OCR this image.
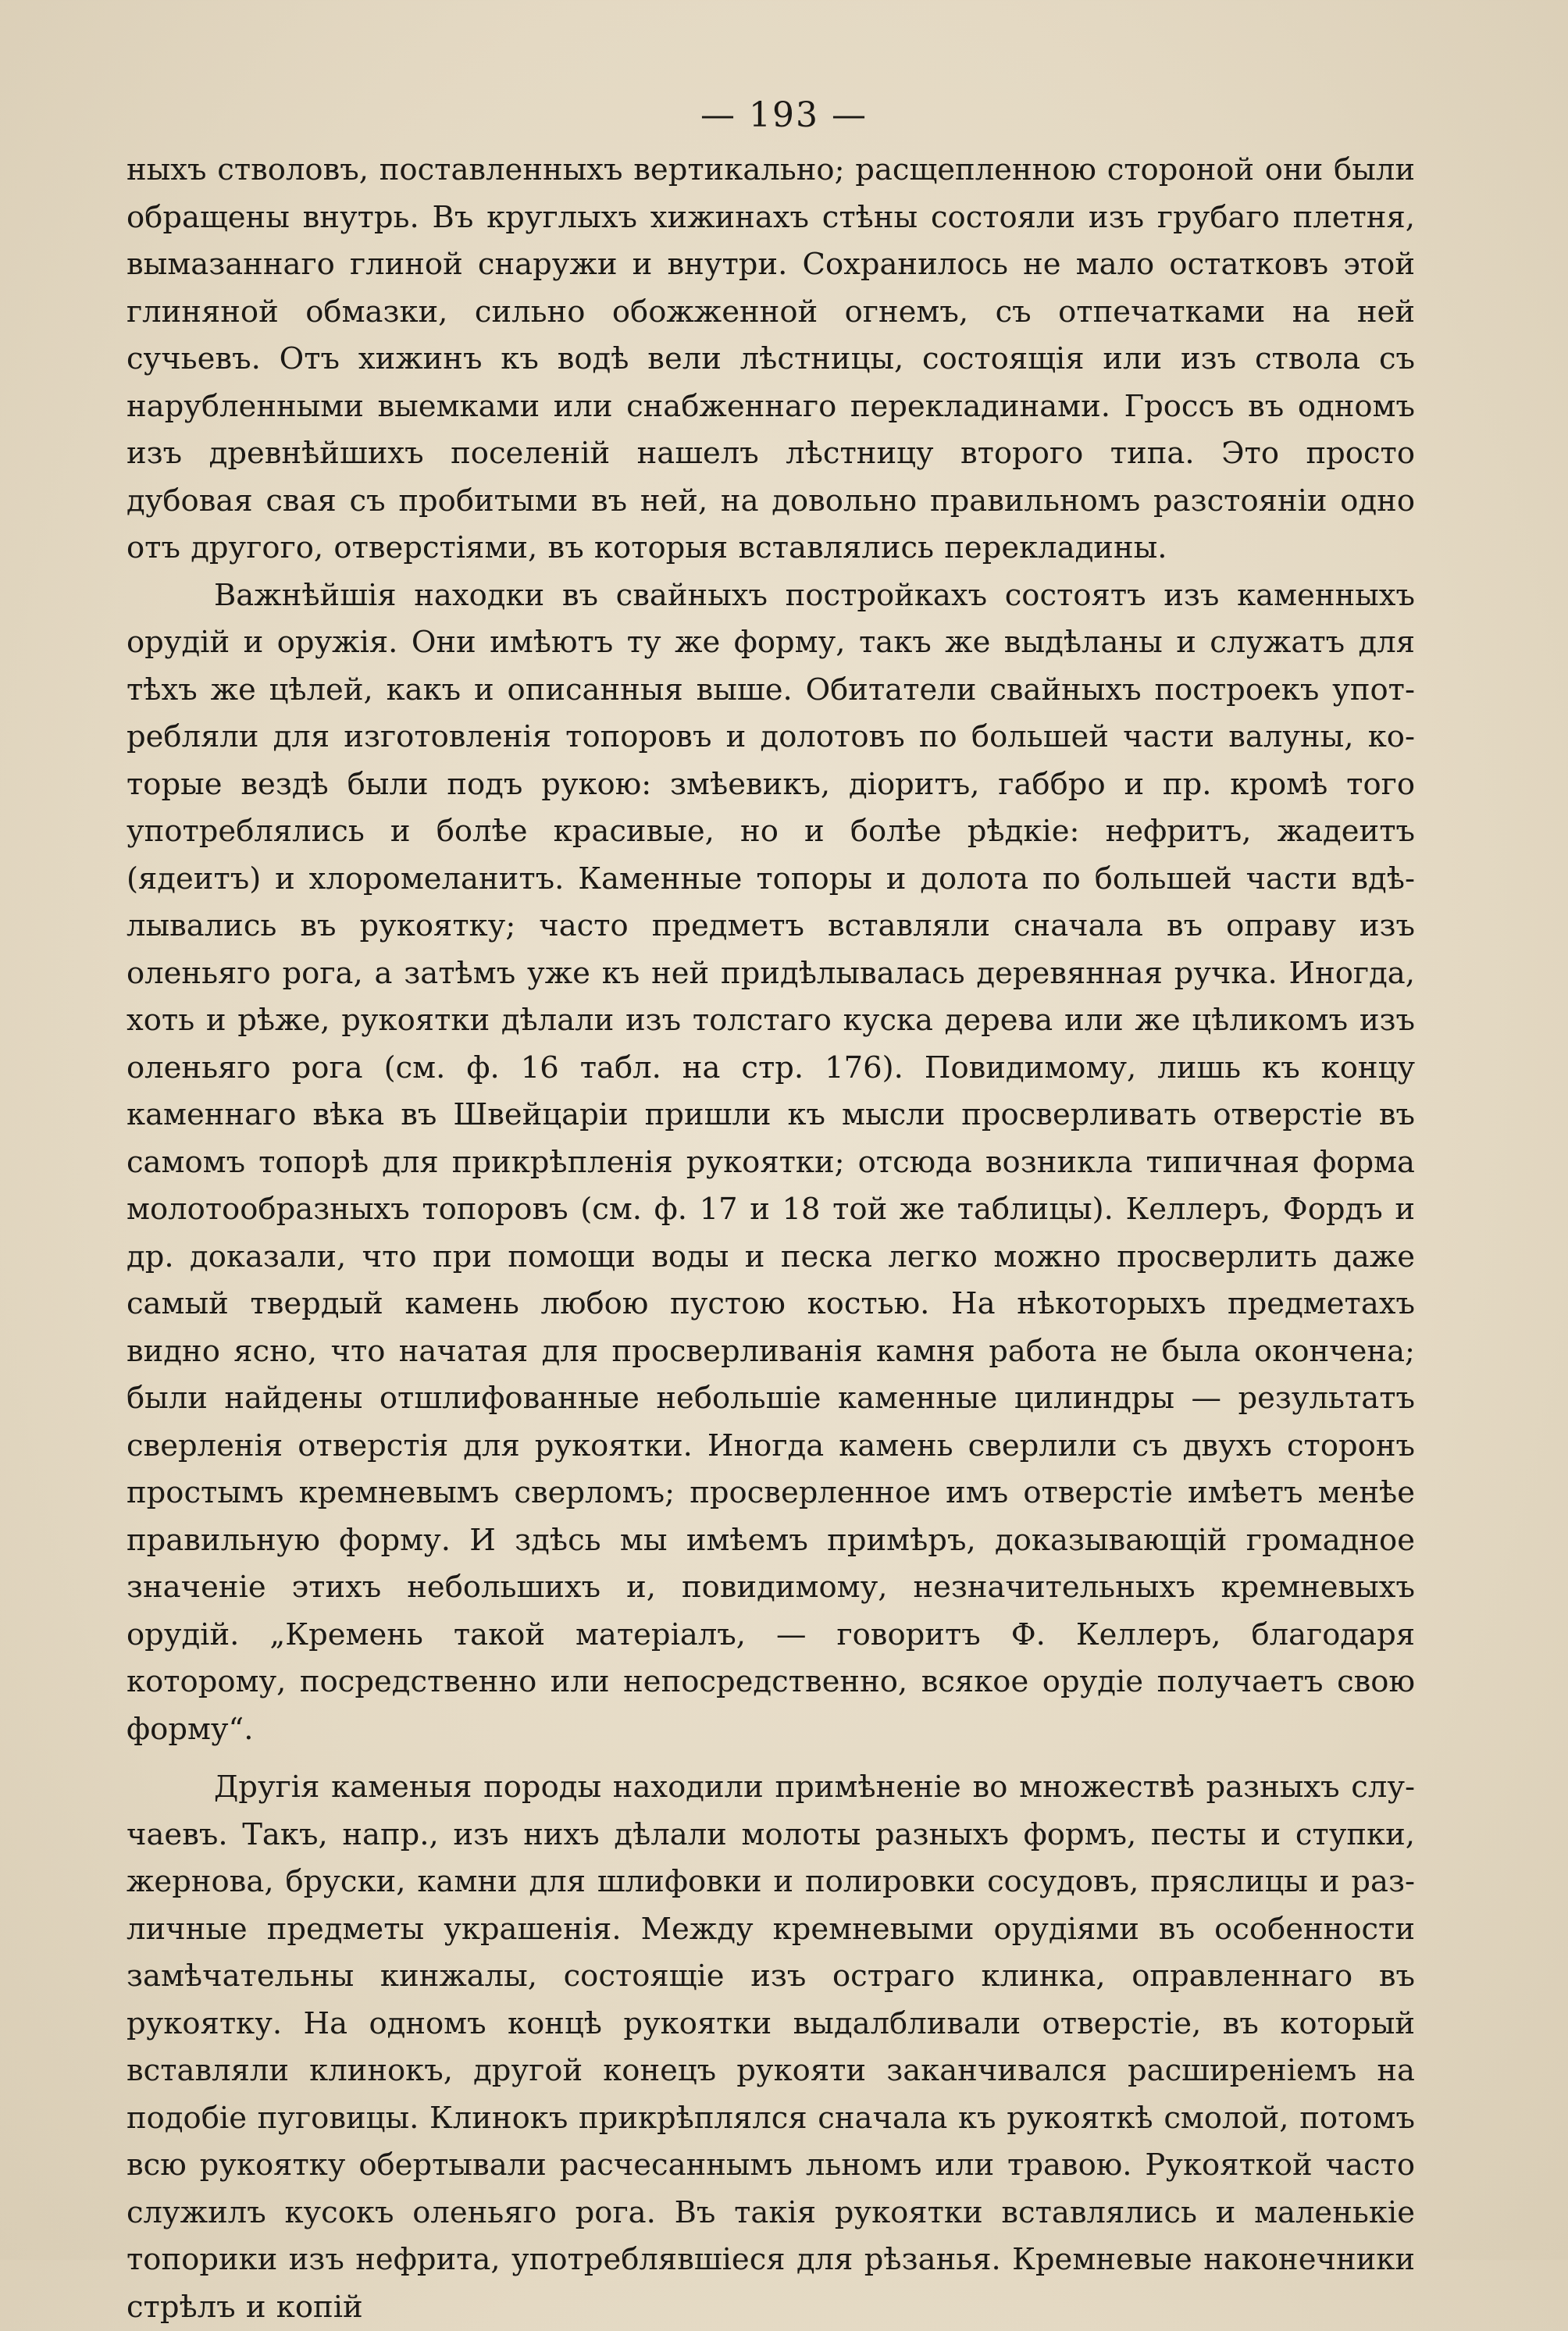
— 193 —

ныхъ стволовъ, поставленныхъ вертикально; расщепленною стороной они были обращены внутрь. Въ круглыхъ хижинахъ стѣны состояли изъ грубаго плетня, вымазаннаго глиной снаружи и внутри. Сохранилось не мало остатковъ этой глиняной обмазки, сильно обожженной огнемъ, съ отпечатками на ней сучьевъ. Отъ хижинъ къ водѣ вели лѣстницы, состоящія или изъ ствола съ нарубленными выемками или снабженнаго перекладинами. Гроссъ въ одномъ изъ древнѣйшихъ поселеній нашелъ лѣстницу второго типа. Это просто дубовая свая съ пробитыми въ ней, на довольно правильномъ разстояніи одно отъ другого, отверстіями, въ которыя вставлялись перекладины.

Важнѣйшія находки въ свайныхъ постройкахъ состоятъ изъ каменныхъ орудій и оружія. Они имѣютъ ту же форму, такъ же выдѣланы и служатъ для тѣхъ же цѣлей, какъ и описанныя выше. Обитатели свайныхъ построекъ употребляли для изготовленія топоровъ и долотовъ по большей части валуны, которые вездѣ были подъ рукою: змѣевикъ, діоритъ, габбро и пр. кромѣ того употреблялись и болѣе красивые, но и болѣе рѣдкіе: нефритъ, жадеитъ (ядеитъ) и хлоромеланитъ. Каменные топоры и долота по большей части вдѣлывались въ рукоятку; часто предметъ вставляли сначала въ оправу изъ оленьяго рога, а затѣмъ уже къ ней придѣлывалась деревянная ручка. Иногда, хоть и рѣже, рукоятки дѣлали изъ толстаго куска дерева или же цѣликомъ изъ оленьяго рога (см. ф. 16 табл. на стр. 176). Повидимому, лишь къ концу каменнаго вѣка въ Швейцаріи пришли къ мысли просверливать отверстіе въ самомъ топорѣ для прикрѣпленія рукоятки; отсюда возникла типичная форма молотообразныхъ топоровъ (см. ф. 17 и 18 той же таблицы). Келлеръ, Фордъ и др. доказали, что при помощи воды и песка легко можно просверлить даже самый твердый камень любою пустою костью. На нѣкоторыхъ предметахъ видно ясно, что начатая для просверливанія камня работа не была окончена; были найдены отшлифованные небольшіе каменные цилиндры — результатъ сверленія отверстія для рукоятки. Иногда камень сверлили съ двухъ сторонъ простымъ кремневымъ сверломъ; просверленное имъ отверстіе имѣетъ менѣе правильную форму. И здѣсь мы имѣемъ примѣръ, доказывающій громадное значеніе этихъ небольшихъ и, повидимому, незначительныхъ кремневыхъ орудій. „Кремень такой матеріалъ, — говоритъ Ф. Келлеръ, благодаря которому, посредственно или непосредственно, всякое орудіе получаетъ свою форму“.

Другія каменыя породы находили примѣненіе во множествѣ разныхъ случаевъ. Такъ, напр., изъ нихъ дѣлали молоты разныхъ формъ, песты и ступки, жернова, бруски, камни для шлифовки и полировки сосудовъ, пряслицы и различные предметы украшенія. Между кремневыми орудіями въ особенности замѣчательны кинжалы, состоящіе изъ остраго клинка, оправленнаго въ рукоятку. На одномъ концѣ рукоятки выдалбливали отверстіе, въ который вставляли клинокъ, другой конецъ рукояти заканчивался расширеніемъ на подобіе пуговицы. Клинокъ прикрѣплялся сначала къ рукояткѣ смолой, потомъ всю рукоятку обертывали расчесаннымъ льномъ или травою. Рукояткой часто служилъ кусокъ оленьяго рога. Въ такія рукоятки вставлялись и маленькіе топорики изъ нефрита, употреблявшіеся для рѣзанья. Кремневые наконечники стрѣлъ и копій
